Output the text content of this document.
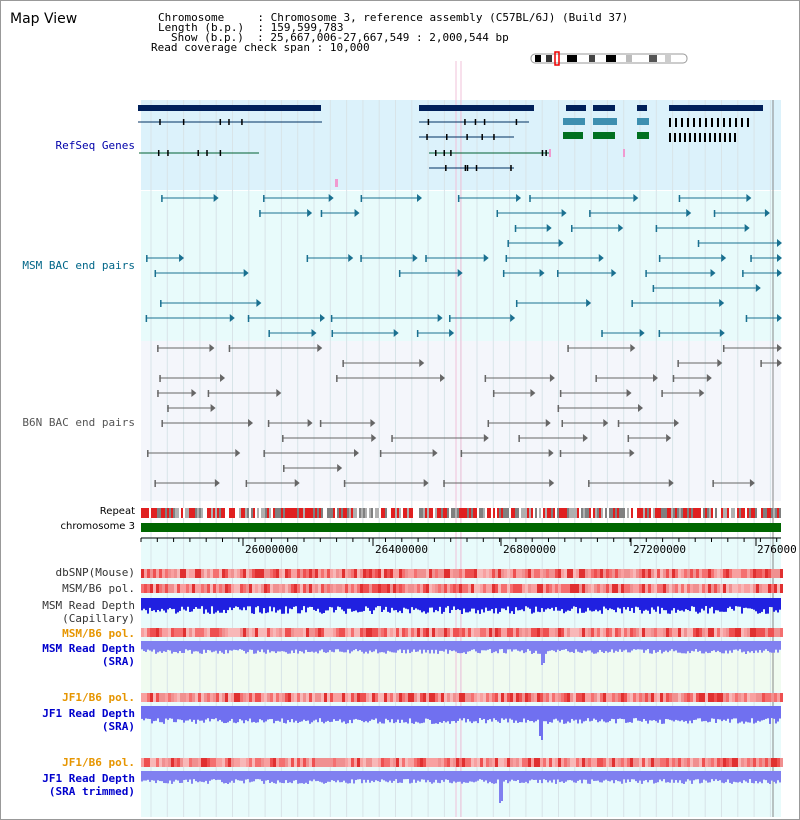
Map View	Chromosome     : Chromosome 3, reference assembly (C57BL/6J) (Build 37)
Length (b.p.)  : 159,599,783
Show (b.p.)  : 25,667,006-27,667,549 : 2,000,544 bp
Read coverage check span : 10,000
RefSeq Genes
MSM BAC end pairs
B6N BAC end pairs
Repeat
chromosome 3
26000000	26400000	26800000	27200000	276000
dbSNP(Mouse)
MSM/B6 pol.
MSM Read Depth
(Capillary)
MSM/B6 pol.
MSM Read Depth
(SRA)
JF1/B6 pol.
JF1 Read Depth
(SRA)
JF1/B6 pol.
JF1 Read Depth
(SRA trimmed)
